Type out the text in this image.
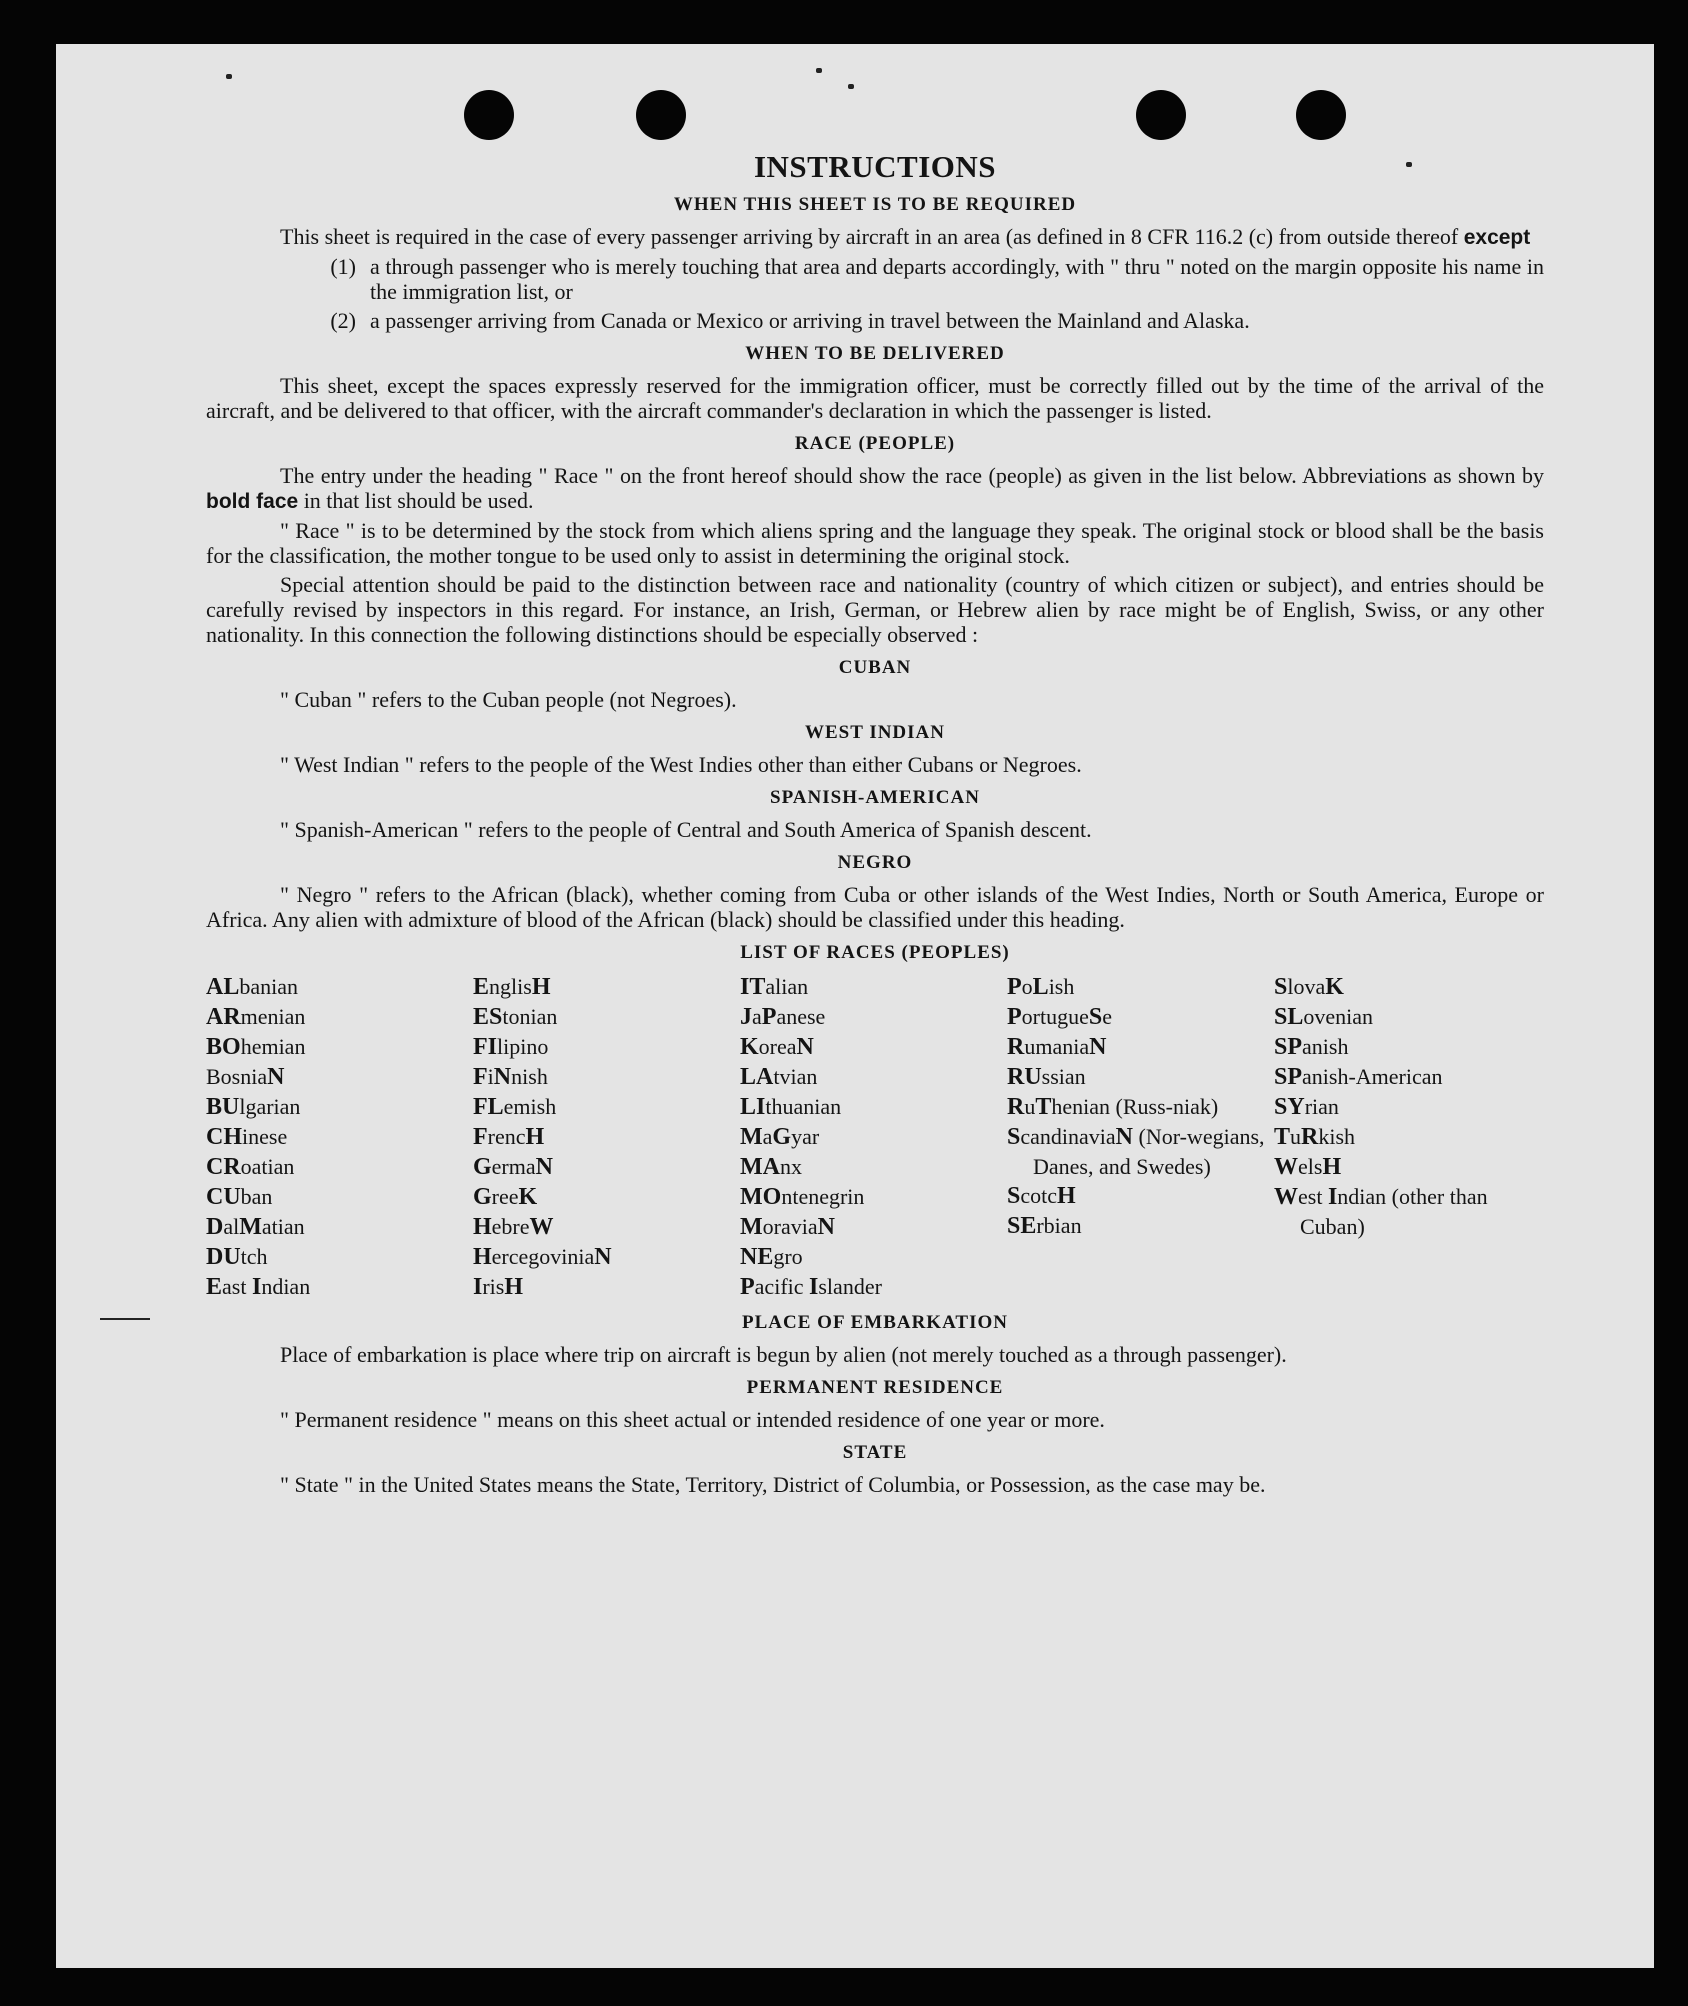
INSTRUCTIONS
WHEN THIS SHEET IS TO BE REQUIRED
This sheet is required in the case of every passenger arriving by aircraft in an area (as defined in 8 CFR 116.2 (c) from outside thereof except
(1) a through passenger who is merely touching that area and departs accordingly, with " thru " noted on the margin opposite his name in the immigration list, or
(2) a passenger arriving from Canada or Mexico or arriving in travel between the Mainland and Alaska.
WHEN TO BE DELIVERED
This sheet, except the spaces expressly reserved for the immigration officer, must be correctly filled out by the time of the arrival of the aircraft, and be delivered to that officer, with the aircraft commander's declaration in which the passenger is listed.
RACE (PEOPLE)
The entry under the heading " Race " on the front hereof should show the race (people) as given in the list below. Abbreviations as shown by bold face in that list should be used.
" Race " is to be determined by the stock from which aliens spring and the language they speak. The original stock or blood shall be the basis for the classification, the mother tongue to be used only to assist in determining the original stock.
Special attention should be paid to the distinction between race and nationality (country of which citizen or subject), and entries should be carefully revised by inspectors in this regard. For instance, an Irish, German, or Hebrew alien by race might be of English, Swiss, or any other nationality. In this connection the following distinctions should be especially observed :
CUBAN
" Cuban " refers to the Cuban people (not Negroes).
WEST INDIAN
" West Indian " refers to the people of the West Indies other than either Cubans or Negroes.
SPANISH-AMERICAN
" Spanish-American " refers to the people of Central and South America of Spanish descent.
NEGRO
" Negro " refers to the African (black), whether coming from Cuba or other islands of the West Indies, North or South America, Europe or Africa. Any alien with admixture of blood of the African (black) should be classified under this heading.
LIST OF RACES (PEOPLES)
ALbanian
ARmenian
BOhemian
BosniaN
BUlgarian
CHinese
CRoatian
CUban
DalMatian
DUtch
East Indian
EnglisH
EStonian
FIlipino
FiNnish
FLemish
FrencH
GermaN
GreeK
HebreW
HercegoviniaN
IrisH
ITalian
JaPanese
KoreaN
LAtvian
LIthuanian
MaGyar
MAnx
MOntenegrin
MoraviaN
NEgro
Pacific Islander
PoLish
PortugueSe
RumaniaN
RUssian
RuThenian (Russ-niak)
ScandinaviaN (Nor-wegians, Danes, and Swedes)
ScotcH
SErbian
SlovaK
SLovenian
SPanish
SPanish-American
SYrian
TuRkish
WelsH
West Indian (other than Cuban)
PLACE OF EMBARKATION
Place of embarkation is place where trip on aircraft is begun by alien (not merely touched as a through passenger).
PERMANENT RESIDENCE
" Permanent residence " means on this sheet actual or intended residence of one year or more.
STATE
" State " in the United States means the State, Territory, District of Columbia, or Possession, as the case may be.
